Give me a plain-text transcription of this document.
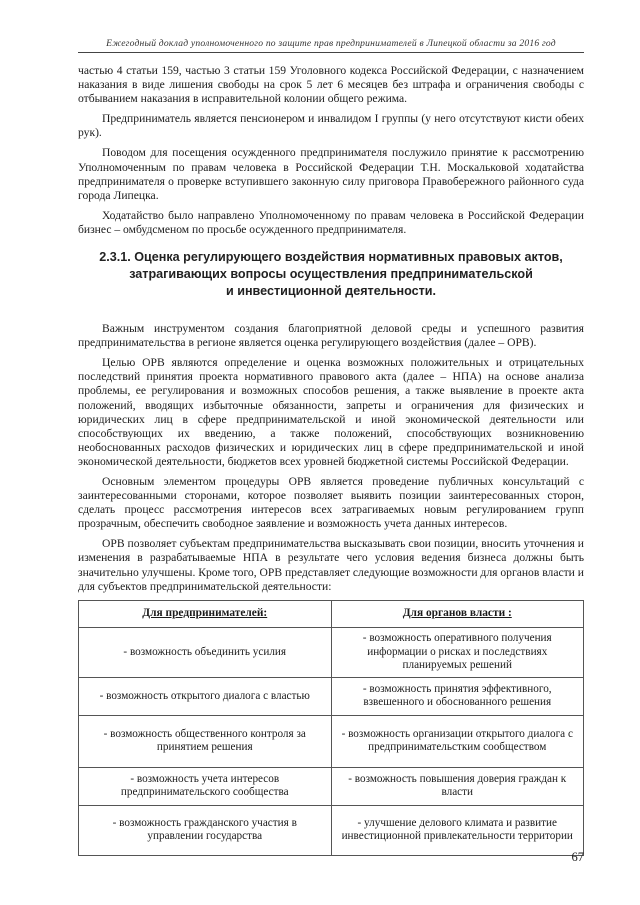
Ежегодный доклад уполномоченного по защите прав предпринимателей в Липецкой области за 2016 год

частью 4 статьи 159, частью 3 статьи 159 Уголовного кодекса Российской Федерации, с назначением наказания в виде лишения свободы на срок 5 лет 6 месяцев без штрафа и ограничения свободы с отбыванием наказания в исправительной колонии общего режима.

Предприниматель является пенсионером и инвалидом I группы (у него отсутствуют кисти обеих рук).

Поводом для посещения осужденного предпринимателя послужило принятие к рассмотрению Уполномоченным по правам человека в Российской Федерации Т.Н. Москальковой ходатайства предпринимателя о проверке вступившего законную силу приговора Правобережного районного суда города Липецка.

Ходатайство было направлено Уполномоченному по правам человека в Российской Федерации бизнес – омбудсменом по просьбе осужденного предпринимателя.

2.3.1. Оценка регулирующего воздействия нормативных правовых актов,
затрагивающих вопросы осуществления предпринимательской
и инвестиционной деятельности.

Важным инструментом создания благоприятной деловой среды и успешного развития предпринимательства в регионе является оценка регулирующего воздействия (далее – ОРВ).

Целью ОРВ являются определение и оценка возможных положительных и отрицательных последствий принятия проекта нормативного правового акта (далее – НПА) на основе анализа проблемы, ее регулирования и возможных способов решения, а также выявление в проекте акта положений, вводящих избыточные обязанности, запреты и ограничения для физических и юридических лиц в сфере предпринимательской и иной экономической деятельности или способствующих их введению, а также положений, способствующих возникновению необоснованных расходов физических и юридических лиц в сфере предпринимательской и иной экономической деятельности, бюджетов всех уровней бюджетной системы Российской Федерации.

Основным элементом процедуры ОРВ является проведение публичных консультаций с заинтересованными сторонами, которое позволяет выявить позиции заинтересованных сторон, сделать процесс рассмотрения интересов всех затрагиваемых новым регулированием групп прозрачным, обеспечить свободное заявление и возможность учета данных интересов.

ОРВ позволяет субъектам предпринимательства высказывать свои позиции, вносить уточнения и изменения в разрабатываемые НПА в результате чего условия ведения бизнеса должны быть значительно улучшены. Кроме того, ОРВ представляет следующие возможности для органов власти и для субъектов предпринимательской деятельности:

Для предпринимателей:	Для органов власти :
- возможность объединить усилия	- возможность оперативного получения информации о рисках и последствиях планируемых решений
- возможность открытого диалога с властью	- возможность принятия эффективного, взвешенного и обоснованного решения
- возможность общественного контроля за принятием решения	- возможность организации открытого диалога с предпринимательстким сообществом
- возможность учета интересов предпринимательского сообщества	- возможность повышения доверия граждан к власти
- возможность гражданского участия в управлении государства	- улучшение делового климата и развитие инвестиционной привлекательности территории
67
